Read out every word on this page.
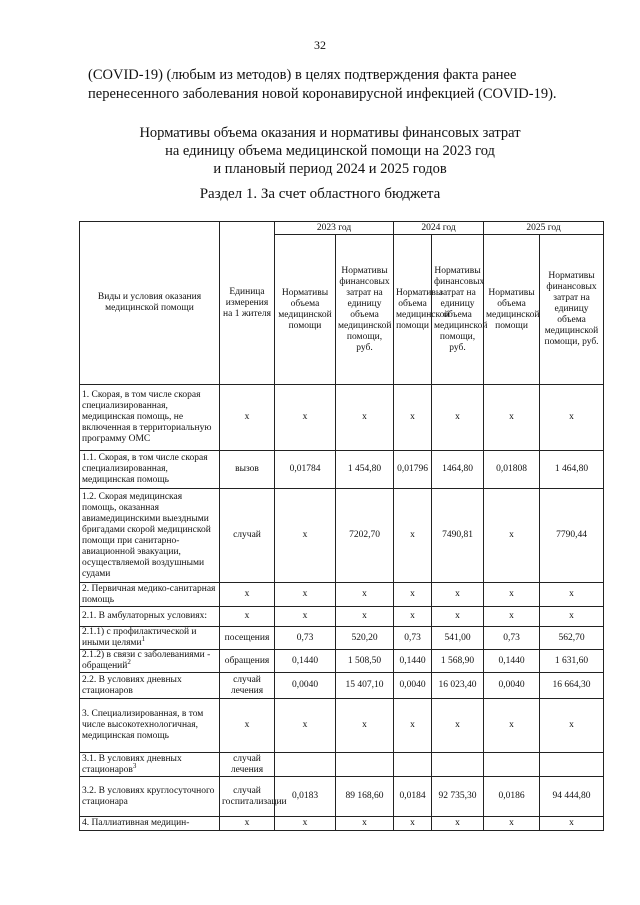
32
(COVID-19) (любым из методов) в целях подтверждения факта ранее перенесенного заболевания новой коронавирусной инфекцией (COVID-19).
Нормативы объема оказания и нормативы финансовых затрат
на единицу объема медицинской помощи на 2023 год
и плановый период 2024 и 2025 годов
Раздел 1. За счет областного бюджета
Виды и условия оказания медицинской помощи	Единица измерения на 1 жителя	2023 год		2024 год		2025 год	
		Нормативы объема медицинской помощи	Нормативы финансовых затрат на единицу объема медицинской помощи, руб.	Нормативы объема медицинской помощи	Нормативы финансовых затрат на единицу объема медицинской помощи, руб.	Нормативы объема медицинской помощи	Нормативы финансовых затрат на единицу объема медицинской помощи, руб.
1. Скорая, в том числе скорая специализированная, медицинская помощь, не включенная в территориальную программу ОМС	х	х	х	х	х	х	х
1.1. Скорая, в том числе скорая специализированная, медицинская помощь	вызов	0,01784	1 454,80	0,01796	1464,80	0,01808	1 464,80
1.2. Скорая медицинская помощь, оказанная авиамедицинскими выездными бригадами скорой медицинской помощи при санитарно-авиационной эвакуации, осуществляемой воздушными судами	случай	х	7202,70	х	7490,81	х	7790,44
2. Первичная медико-санитарная помощь	х	х	х	х	х	х	х
2.1. В амбулаторных условиях:	х	х	х	х	х	х	х
2.1.1) с профилактической и иными целями$^1$	посещения	0,73	520,20	0,73	541,00	0,73	562,70
2.1.2) в связи с заболеваниями - обращений$^2$	обращения	0,1440	1 508,50	0,1440	1 568,90	0,1440	1 631,60
2.2. В условиях дневных стационаров	случай лечения	0,0040	15 407,10	0,0040	16 023,40	0,0040	16 664,30
3. Специализированная, в том числе высокотехнологичная, медицинская помощь	х	х	х	х	х	х	х
3.1. В условиях дневных стационаров$^3$	случай лечения						
3.2. В условиях круглосуточного стационара	случай госпитализации	0,0183	89 168,60	0,0184	92 735,30	0,0186	94 444,80
4. Паллиативная медицин-	х	х	х	х	х	х	х
